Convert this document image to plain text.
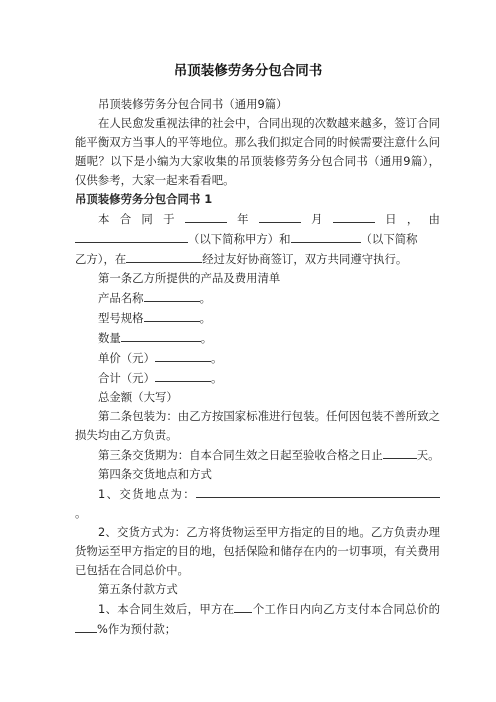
吊顶装修劳务分包合同书

吊顶装修劳务分包合同书（通用9篇）

在人民愈发重视法律的社会中，合同出现的次数越来越多，签订合同能平衡双方当事人的平等地位。那么我们拟定合同的时候需要注意什么问题呢？以下是小编为大家收集的吊顶装修劳务分包合同书（通用9篇），仅供参考，大家一起来看看吧。

吊顶装修劳务分包合同书 1

本 合 同 于	年	月	日 ， 由

（以下简称甲方）和	（以下简称

乙方），在	经过友好协商签订，双方共同遵守执行。

第一条乙方所提供的产品及费用清单

产品名称	。

型号规格	。

数量	。

单价（元）	。

合计（元）	。

总金额（大写）

第二条包装为：由乙方按国家标准进行包装。任何因包装不善所致之损失均由乙方负责。

第三条交货期为：自本合同生效之日起至验收合格之日止	天。

第四条交货地点和方式

1、交货地点为：。

2、交货方式为：乙方将货物运至甲方指定的目的地。乙方负责办理货物运至甲方指定的目的地，包括保险和储存在内的一切事项，有关费用已包括在合同总价中。

第五条付款方式

1、本合同生效后，甲方在 个工作日内向乙方支付本合同总价的%作为预付款；
